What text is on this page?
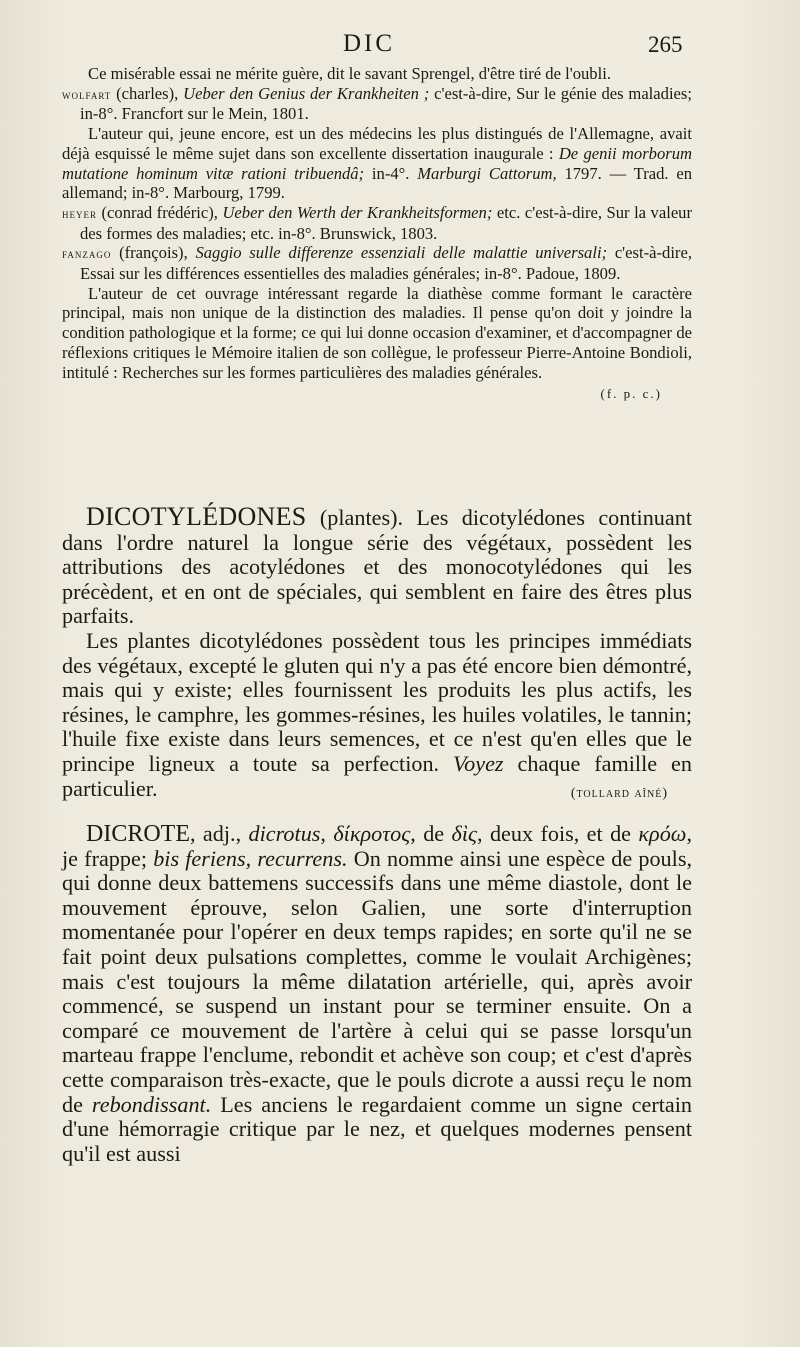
DIC	265

Ce misérable essai ne mérite guère, dit le savant Sprengel, d'être tiré de l'oubli.

wolfart (charles), Ueber den Genius der Krankheiten ; c'est-à-dire, Sur le génie des maladies; in-8°. Francfort sur le Mein, 1801.

L'auteur qui, jeune encore, est un des médecins les plus distingués de l'Allemagne, avait déjà esquissé le même sujet dans son excellente dissertation inaugurale : De genii morborum mutatione hominum vitæ rationi tribuendâ; in-4°. Marburgi Cattorum, 1797. — Trad. en allemand; in-8°. Marbourg, 1799.

heyer (conrad frédéric), Ueber den Werth der Krankheitsformen; etc. c'est-à-dire, Sur la valeur des formes des maladies; etc. in-8°. Brunswick, 1803.

fanzago (françois), Saggio sulle differenze essenziali delle malattie universali; c'est-à-dire, Essai sur les différences essentielles des maladies générales; in-8°. Padoue, 1809.

L'auteur de cet ouvrage intéressant regarde la diathèse comme formant le caractère principal, mais non unique de la distinction des maladies. Il pense qu'on doit y joindre la condition pathologique et la forme; ce qui lui donne occasion d'examiner, et d'accompagner de réflexions critiques le Mémoire italien de son collègue, le professeur Pierre-Antoine Bondioli, intitulé : Recherches sur les formes particulières des maladies générales.

(f. p. c.)

DICOTYLÉDONES (plantes). Les dicotylédones continuant dans l'ordre naturel la longue série des végétaux, possèdent les attributions des acotylédones et des monocotylédones qui les précèdent, et en ont de spéciales, qui semblent en faire des êtres plus parfaits.

Les plantes dicotylédones possèdent tous les principes immédiats des végétaux, excepté le gluten qui n'y a pas été encore bien démontré, mais qui y existe; elles fournissent les produits les plus actifs, les résines, le camphre, les gommes-résines, les huiles volatiles, le tannin; l'huile fixe existe dans leurs semences, et ce n'est qu'en elles que le principe ligneux a toute sa perfection. Voyez chaque famille en particulier.	(tollard aîné)

DICROTE, adj., dicrotus, δίκροτος, de δὶς, deux fois, et de κρόω, je frappe; bis feriens, recurrens. On nomme ainsi une espèce de pouls, qui donne deux battemens successifs dans une même diastole, dont le mouvement éprouve, selon Galien, une sorte d'interruption momentanée pour l'opérer en deux temps rapides; en sorte qu'il ne se fait point deux pulsations complettes, comme le voulait Archigènes; mais c'est toujours la même dilatation artérielle, qui, après avoir commencé, se suspend un instant pour se terminer ensuite. On a comparé ce mouvement de l'artère à celui qui se passe lorsqu'un marteau frappe l'enclume, rebondit et achève son coup; et c'est d'après cette comparaison très-exacte, que le pouls dicrote a aussi reçu le nom de rebondissant. Les anciens le regardaient comme un signe certain d'une hémorragie critique par le nez, et quelques modernes pensent qu'il est aussi
